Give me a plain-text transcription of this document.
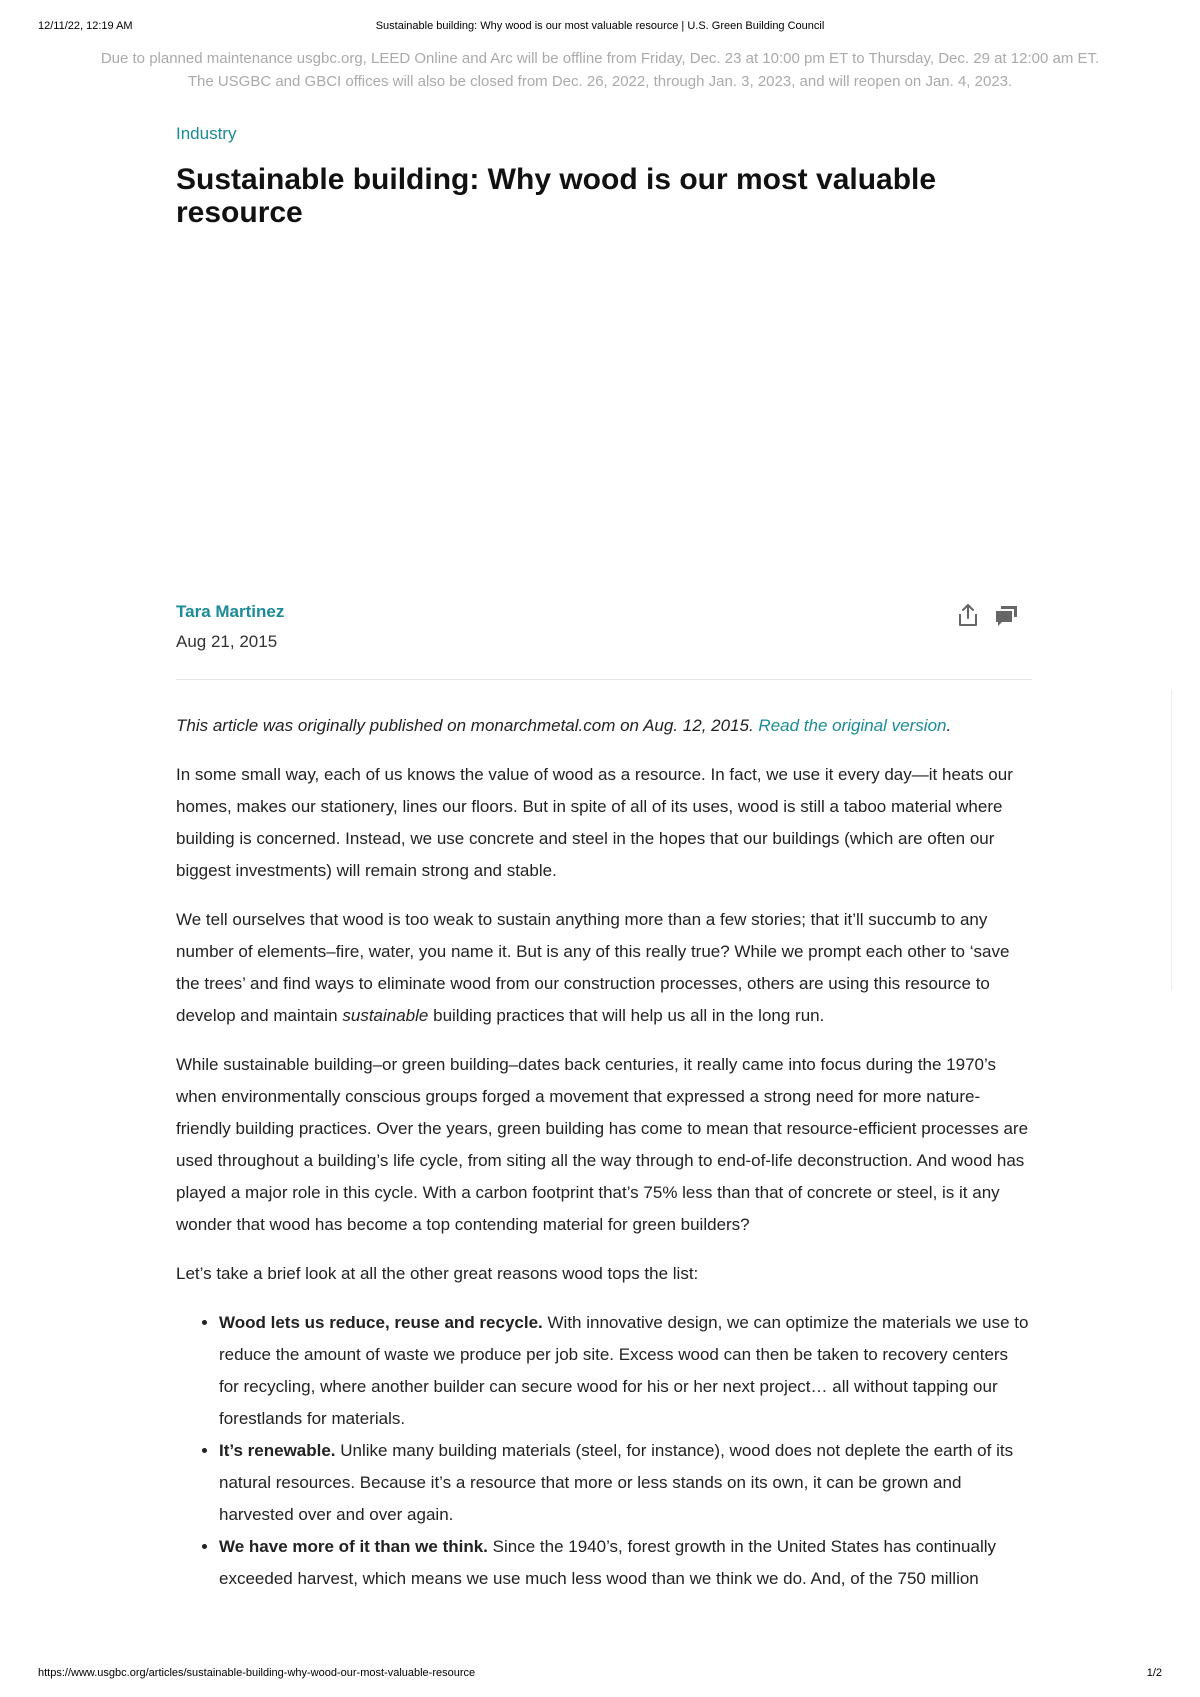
12/11/22, 12:19 AM	Sustainable building: Why wood is our most valuable resource | U.S. Green Building Council

Due to planned maintenance usgbc.org, LEED Online and Arc will be offline from Friday, Dec. 23 at 10:00 pm ET to Thursday, Dec. 29 at 12:00 am ET.

The USGBC and GBCI offices will also be closed from Dec. 26, 2022, through Jan. 3, 2023, and will reopen on Jan. 4, 2023.

Industry
Sustainable building: Why wood is our most valuable resource
Tara Martinez
Aug 21, 2015

This article was originally published on monarchmetal.com on Aug. 12, 2015. Read the original version.

In some small way, each of us knows the value of wood as a resource. In fact, we use it every day—it heats our homes, makes our stationery, lines our floors. But in spite of all of its uses, wood is still a taboo material where building is concerned. Instead, we use concrete and steel in the hopes that our buildings (which are often our biggest investments) will remain strong and stable.

We tell ourselves that wood is too weak to sustain anything more than a few stories; that it’ll succumb to any number of elements–fire, water, you name it. But is any of this really true? While we prompt each other to ‘save the trees’ and find ways to eliminate wood from our construction processes, others are using this resource to develop and maintain sustainable building practices that will help us all in the long run.

While sustainable building–or green building–dates back centuries, it really came into focus during the 1970’s when environmentally conscious groups forged a movement that expressed a strong need for more nature-friendly building practices. Over the years, green building has come to mean that resource-efficient processes are used throughout a building’s life cycle, from siting all the way through to end-of-life deconstruction. And wood has played a major role in this cycle. With a carbon footprint that’s 75% less than that of concrete or steel, is it any wonder that wood has become a top contending material for green builders?

Let’s take a brief look at all the other great reasons wood tops the list:

• Wood lets us reduce, reuse and recycle. With innovative design, we can optimize the materials we use to reduce the amount of waste we produce per job site. Excess wood can then be taken to recovery centers for recycling, where another builder can secure wood for his or her next project… all without tapping our forestlands for materials.
• It’s renewable. Unlike many building materials (steel, for instance), wood does not deplete the earth of its natural resources. Because it’s a resource that more or less stands on its own, it can be grown and harvested over and over again.
• We have more of it than we think. Since the 1940’s, forest growth in the United States has continually exceeded harvest, which means we use much less wood than we think we do. And, of the 750 million
https://www.usgbc.org/articles/sustainable-building-why-wood-our-most-valuable-resource	1/2
